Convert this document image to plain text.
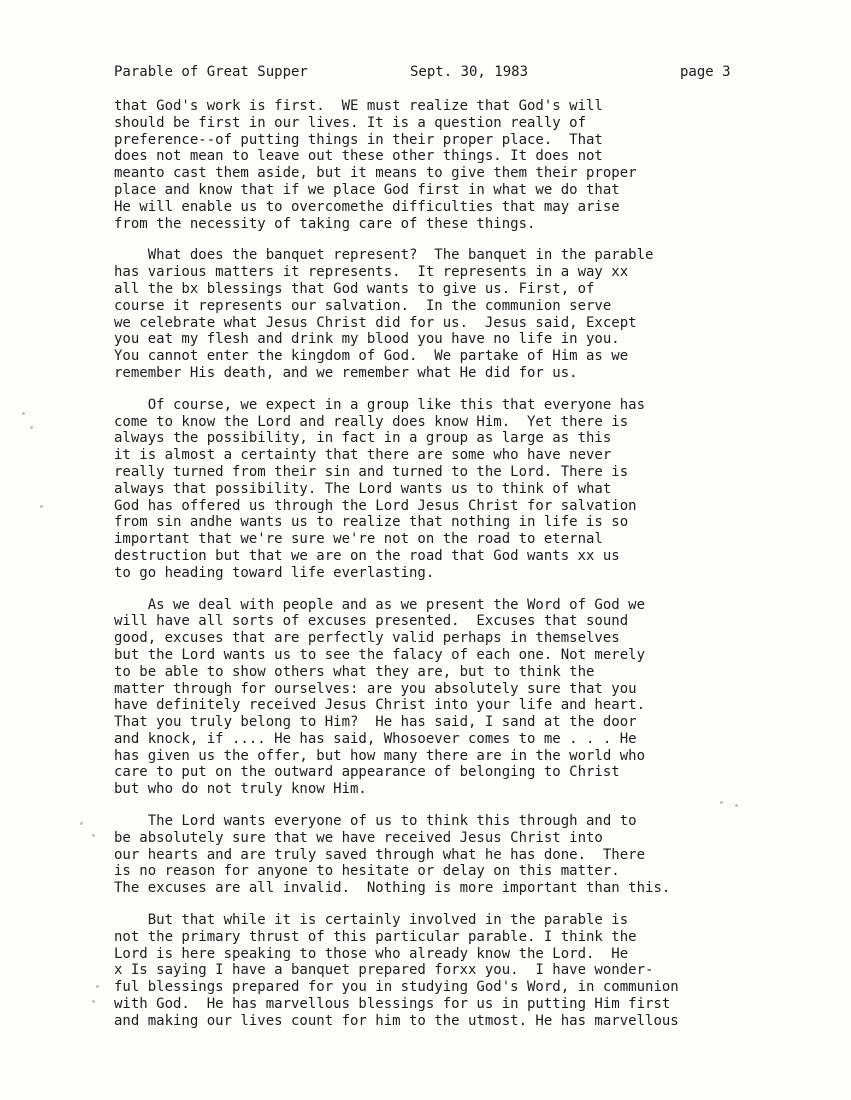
Parable of Great Supper

	Sept. 30, 1983

	page 3

that God's work is first.  WE must realize that God's will
should be first in our lives. It is a question really of
preference--of putting things in their proper place.  That
does not mean to leave out these other things. It does not
meanto cast them aside, but it means to give them their proper
place and know that if we place God first in what we do that
He will enable us to overcomethe difficulties that may arise
from the necessity of taking care of these things.
What does the banquet represent?  The banquet in the parable
has various matters it represents.  It represents in a way xx
all the bx blessings that God wants to give us. First, of
course it represents our salvation.  In the communion serve
we celebrate what Jesus Christ did for us.  Jesus said, Except
you eat my flesh and drink my blood you have no life in you.
You cannot enter the kingdom of God.  We partake of Him as we
remember His death, and we remember what He did for us.
Of course, we expect in a group like this that everyone has
come to know the Lord and really does know Him.  Yet there is
always the possibility, in fact in a group as large as this
it is almost a certainty that there are some who have never
really turned from their sin and turned to the Lord. There is
always that possibility. The Lord wants us to think of what
God has offered us through the Lord Jesus Christ for salvation
from sin andhe wants us to realize that nothing in life is so
important that we're sure we're not on the road to eternal
destruction but that we are on the road that God wants xx us
to go heading toward life everlasting.
As we deal with people and as we present the Word of God we
will have all sorts of excuses presented.  Excuses that sound
good, excuses that are perfectly valid perhaps in themselves
but the Lord wants us to see the falacy of each one. Not merely
to be able to show others what they are, but to think the
matter through for ourselves: are you absolutely sure that you
have definitely received Jesus Christ into your life and heart.
That you truly belong to Him?  He has said, I sand at the door
and knock, if .... He has said, Whosoever comes to me . . . He
has given us the offer, but how many there are in the world who
care to put on the outward appearance of belonging to Christ
but who do not truly know Him.
The Lord wants everyone of us to think this through and to
be absolutely sure that we have received Jesus Christ into
our hearts and are truly saved through what he has done.  There
is no reason for anyone to hesitate or delay on this matter.
The excuses are all invalid.  Nothing is more important than this.
But that while it is certainly involved in the parable is
not the primary thrust of this particular parable. I think the
Lord is here speaking to those who already know the Lord.  He
x Is saying I have a banquet prepared forxx you.  I have wonder-
ful blessings prepared for you in studying God's Word, in communion
with God.  He has marvellous blessings for us in putting Him first
and making our lives count for him to the utmost. He has marvellous
